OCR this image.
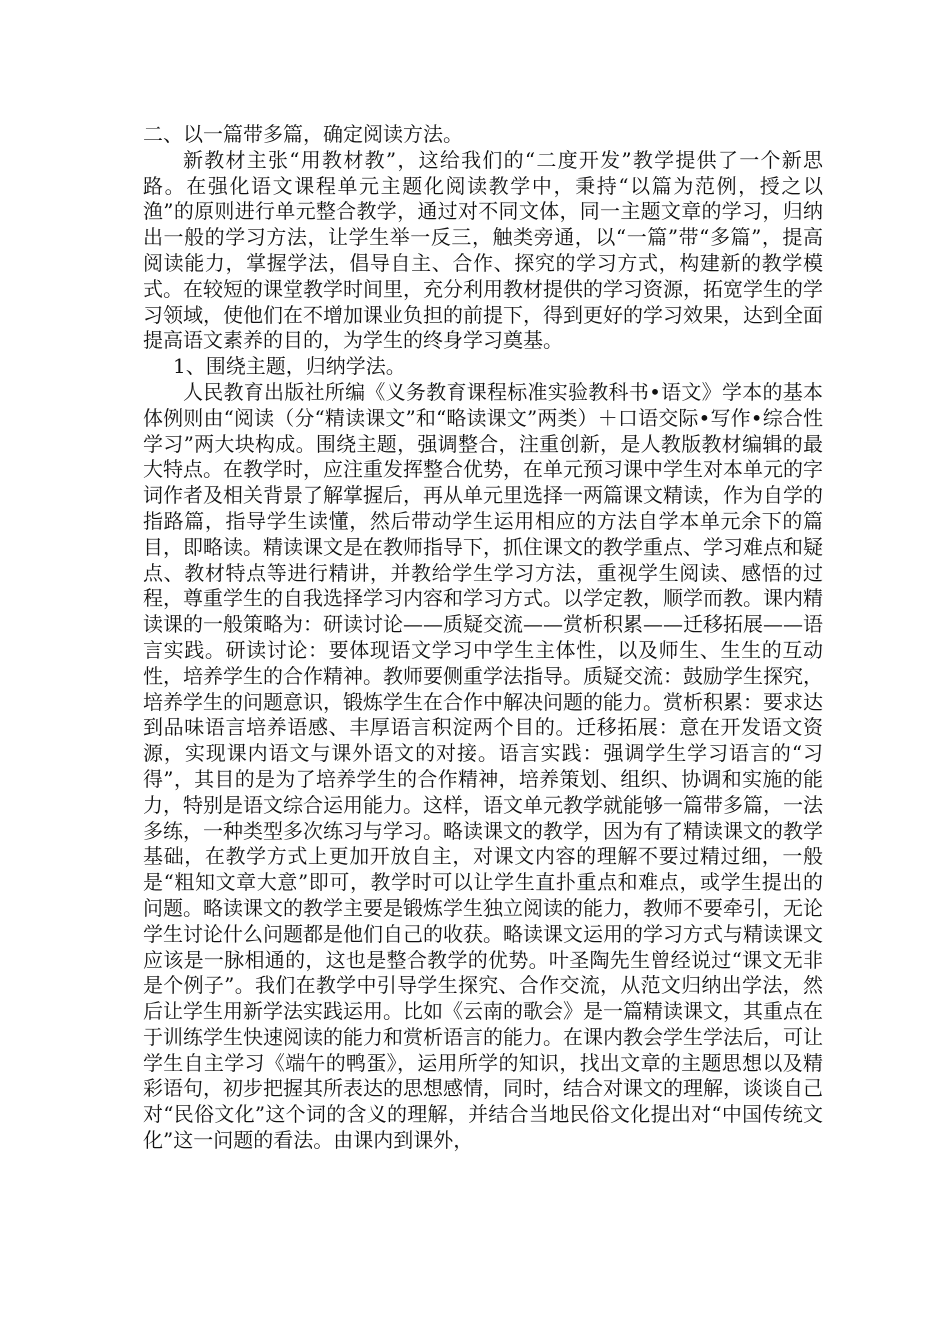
二、以一篇带多篇，确定阅读方法。

新教材主张“用教材教”，这给我们的“二度开发”教学提供了一个新思路。在强化语文课程单元主题化阅读教学中，秉持“以篇为范例，授之以渔”的原则进行单元整合教学，通过对不同文体，同一主题文章的学习，归纳出一般的学习方法，让学生举一反三，触类旁通，以“一篇”带“多篇”，提高阅读能力，掌握学法，倡导自主、合作、探究的学习方式，构建新的教学模式。在较短的课堂教学时间里，充分利用教材提供的学习资源，拓宽学生的学习领域，使他们在不增加课业负担的前提下，得到更好的学习效果，达到全面提高语文素养的目的，为学生的终身学习奠基。

1、围绕主题，归纳学法。

人民教育出版社所编《义务教育课程标准实验教科书•语文》学本的基本体例则由“阅读（分“精读课文”和“略读课文”两类）＋口语交际•写作•综合性学习”两大块构成。围绕主题，强调整合，注重创新，是人教版教材编辑的最大特点。在教学时，应注重发挥整合优势，在单元预习课中学生对本单元的字词作者及相关背景了解掌握后，再从单元里选择一两篇课文精读，作为自学的指路篇，指导学生读懂，然后带动学生运用相应的方法自学本单元余下的篇目，即略读。精读课文是在教师指导下，抓住课文的教学重点、学习难点和疑 点、教材特点等进行精讲，并教给学生学习方法，重视学生阅读、感悟的过程，尊重学生的自我选择学习内容和学习方式。以学定教，顺学而教。课内精读课的一般策略为：研读讨论——质疑交流——赏析积累——迁移拓展——语言实践。研读讨论：要体现语文学习中学生主体性，以及师生、生生的互动性，培养学生的合作精神。教师要侧重学法指导。质疑交流：鼓励学生探究，培养学生的问题意识，锻炼学生在合作中解决问题的能力。赏析积累：要求达到品味语言培养语感、丰厚语言积淀两个目的。迁移拓展：意在开发语文资源，实现课内语文与课外语文的对接。语言实践：强调学生学习语言的“习得”，其目的是为了培养学生的合作精神，培养策划、组织、协调和实施的能力，特别是语文综合运用能力。这样，语文单元教学就能够一篇带多篇，一法多练，一种类型多次练习与学习。略读课文的教学，因为有了精读课文的教学基础，在教学方式上更加开放自主，对课文内容的理解不要过精过细，一般是“粗知文章大意”即可，教学时可以让学生直扑重点和难点，或学生提出的问题。略读课文的教学主要是锻炼学生独立阅读的能力，教师不要牵引，无论学生讨论什么问题都是他们自己的收获。略读课文运用的学习方式与精读课文应该是一脉相通的，这也是整合教学的优势。叶圣陶先生曾经说过“课文无非是个例子”。我们在教学中引导学生探究、合作交流，从范文归纳出学法，然后让学生用新学法实践运用。比如《云南的歌会》是一篇精读课文，其重点在于训练学生快速阅读的能力和赏析语言的能力。在课内教会学生学法后，可让学生自主学习《端午的鸭蛋》，运用所学的知识，找出文章的主题思想以及精彩语句，初步把握其所表达的思想感情，同时，结合对课文的理解，谈谈自己对“民俗文化”这个词的含义的理解，并结合当地民俗文化提出对“中国传统文化”这一问题的看法。由课内到课外，
